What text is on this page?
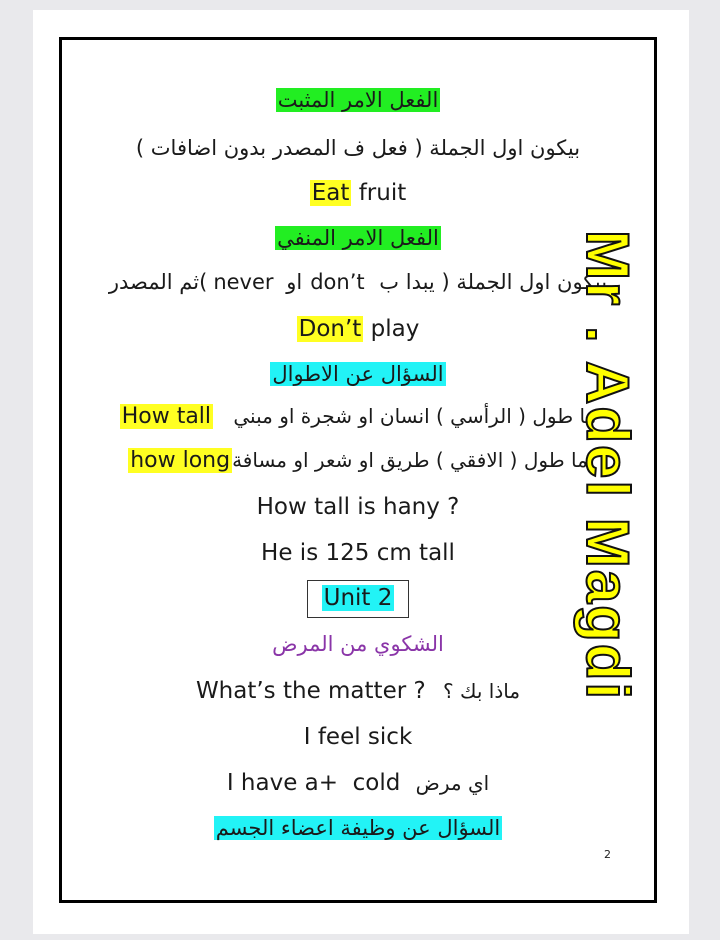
الفعل الامر المثبت
بيكون اول الجملة ( فعل ف المصدر بدون اضافات )
Eat fruit
الفعل الامر المنفي
بيكون اول الجملة ( يبدا ب don’tاو never)ثم المصدر
Don’t play
السؤال عن الاطوال
ما طول ( الرأسي ) انسان او شجرة او مبني How tall
ما طول ( الافقي ) طريق او شعر او مسافةhow long
How tall is hany ?
He is 125 cm tall
Unit 2
الشكوي من المرض
What’s the matter ? ماذا بك ؟
I feel sick
I have a+  cold اي مرض
السؤال عن وظيفة اعضاء الجسم
Mr . Adel Magdi
2
